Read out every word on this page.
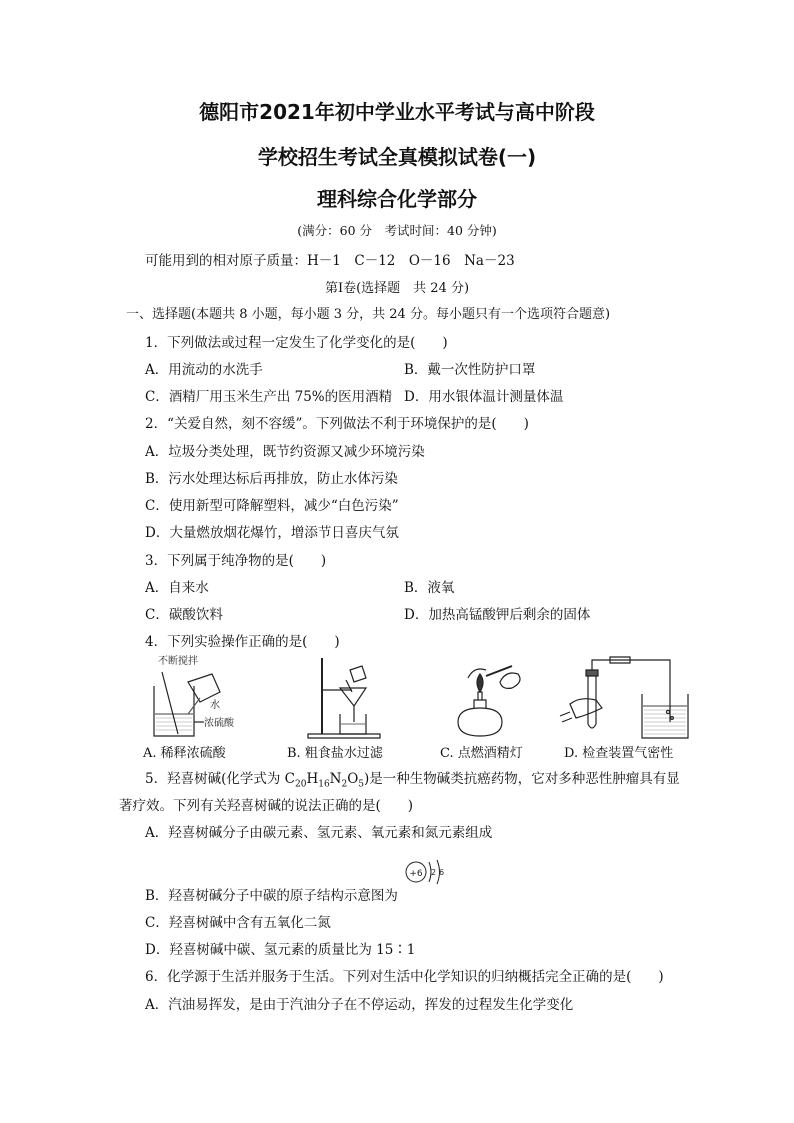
德阳市2021年初中学业水平考试与高中阶段
学校招生考试全真模拟试卷(一)
理科综合化学部分
(满分：60 分　考试时间：40 分钟)
可能用到的相对原子质量：H－1　C－12　O－16　Na－23
第Ⅰ卷(选择题　共 24 分)
一、选择题(本题共 8 小题，每小题 3 分，共 24 分。每小题只有一个选项符合题意)
1．下列做法或过程一定发生了化学变化的是(　　)
A．用流动的水洗手	B．戴一次性防护口罩
C．酒精厂用玉米生产出 75%的医用酒精 D．用水银体温计测量体温
2．“关爱自然，刻不容缓”。下列做法不利于环境保护的是(　　)
A．垃圾分类处理，既节约资源又减少环境污染
B．污水处理达标后再排放，防止水体污染
C．使用新型可降解塑料，减少“白色污染”
D．大量燃放烟花爆竹，增添节日喜庆气氛
3．下列属于纯净物的是(　　)
A．自来水	B．液氧
C．碳酸饮料	D．加热高锰酸钾后剩余的固体
4．下列实验操作正确的是(　　)
不断搅拌
水
浓硫酸
A. 稀释浓硫酸	B. 粗食盐水过滤	C. 点燃酒精灯	D. 检查装置气密性
5．羟喜树碱(化学式为 $C_{20}H_{16}N_2O_5$)是一种生物碱类抗癌药物，它对多种恶性肿瘤具有显
著疗效。下列有关羟喜树碱的说法正确的是(　　)
A．羟喜树碱分子由碳元素、氢元素、氧元素和氮元素组成
+6 2 6
B．羟喜树碱分子中碳的原子结构示意图为
C．羟喜树碱中含有五氧化二氮
D．羟喜树碱中碳、氢元素的质量比为 15∶1
6．化学源于生活并服务于生活。下列对生活中化学知识的归纳概括完全正确的是(　　)
A．汽油易挥发，是由于汽油分子在不停运动，挥发的过程发生化学变化
